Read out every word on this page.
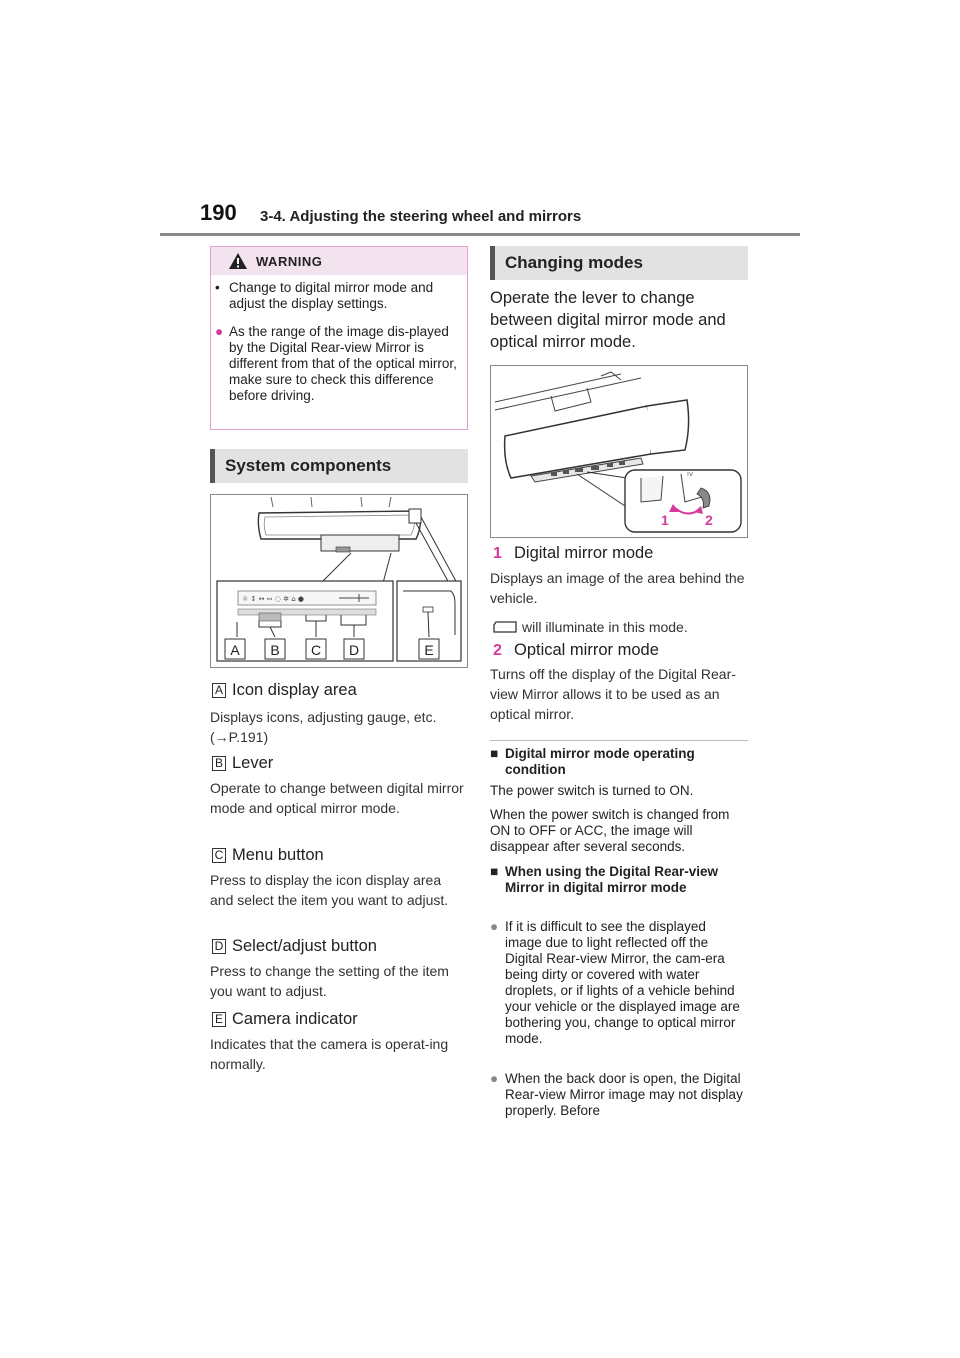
190 3-4. Adjusting the steering wheel and mirrors
WARNING
• Change to digital mirror mode and adjust the display settings.
● As the range of the image dis-played by the Digital Rear-view Mirror is different from that of the optical mirror, make sure to check this difference before driving.
System components
☼ ↕ ↔ ∾ ◌ ✲ ⌂ ●
A B C D	E
A Icon display area
Displays icons, adjusting gauge, etc. (→P.191)
B Lever
Operate to change between digital mirror mode and optical mirror mode.
C Menu button
Press to display the icon display area and select the item you want to adjust.
D Select/adjust button
Press to change the setting of the item you want to adjust.
E Camera indicator
Indicates that the camera is operat-ing normally.
Changing modes
Operate the lever to change between digital mirror mode and optical mirror mode.
ıv
1	2
1 Digital mirror mode
Displays an image of the area behind the vehicle.
will illuminate in this mode.
2 Optical mirror mode
Turns off the display of the Digital Rear-view Mirror allows it to be used as an optical mirror.
■ Digital mirror mode operating condition
The power switch is turned to ON.
When the power switch is changed from ON to OFF or ACC, the image will disappear after several seconds.
■ When using the Digital Rear-view Mirror in digital mirror mode
● If it is difficult to see the displayed image due to light reflected off the Digital Rear-view Mirror, the cam-era being dirty or covered with water droplets, or if lights of a vehicle behind your vehicle or the displayed image are bothering you, change to optical mirror mode.
● When the back door is open, the Digital Rear-view Mirror image may not display properly. Before
